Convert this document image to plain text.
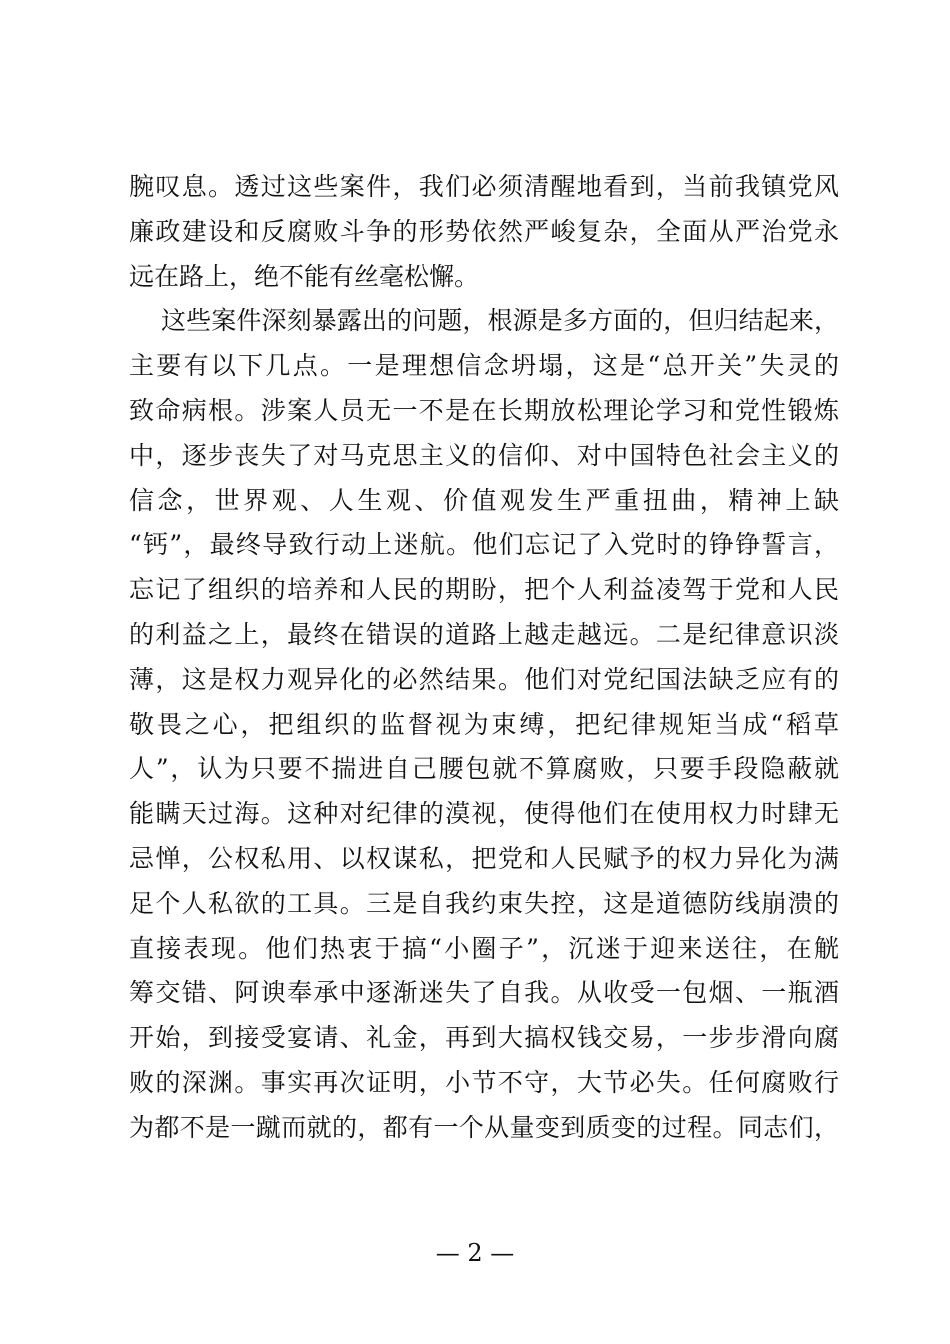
腕叹息。透过这些案件，我们必须清醒地看到，当前我镇党风
廉政建设和反腐败斗争的形势依然严峻复杂，全面从严治党永
远在路上，绝不能有丝毫松懈。
这些案件深刻暴露出的问题，根源是多方面的，但归结起来，
主要有以下几点。一是理想信念坍塌，这是“总开关”失灵的
致命病根。涉案人员无一不是在长期放松理论学习和党性锻炼
中，逐步丧失了对马克思主义的信仰、对中国特色社会主义的
信念，世界观、人生观、价值观发生严重扭曲，精神上缺
“钙”，最终导致行动上迷航。他们忘记了入党时的铮铮誓言，
忘记了组织的培养和人民的期盼，把个人利益凌驾于党和人民
的利益之上，最终在错误的道路上越走越远。二是纪律意识淡
薄，这是权力观异化的必然结果。他们对党纪国法缺乏应有的
敬畏之心，把组织的监督视为束缚，把纪律规矩当成“稻草
人”，认为只要不揣进自己腰包就不算腐败，只要手段隐蔽就
能瞒天过海。这种对纪律的漠视，使得他们在使用权力时肆无
忌惮，公权私用、以权谋私，把党和人民赋予的权力异化为满
足个人私欲的工具。三是自我约束失控，这是道德防线崩溃的
直接表现。他们热衷于搞“小圈子”，沉迷于迎来送往，在觥
筹交错、阿谀奉承中逐渐迷失了自我。从收受一包烟、一瓶酒
开始，到接受宴请、礼金，再到大搞权钱交易，一步步滑向腐
败的深渊。事实再次证明，小节不守，大节必失。任何腐败行
为都不是一蹴而就的，都有一个从量变到质变的过程。同志们，
— 2 —
